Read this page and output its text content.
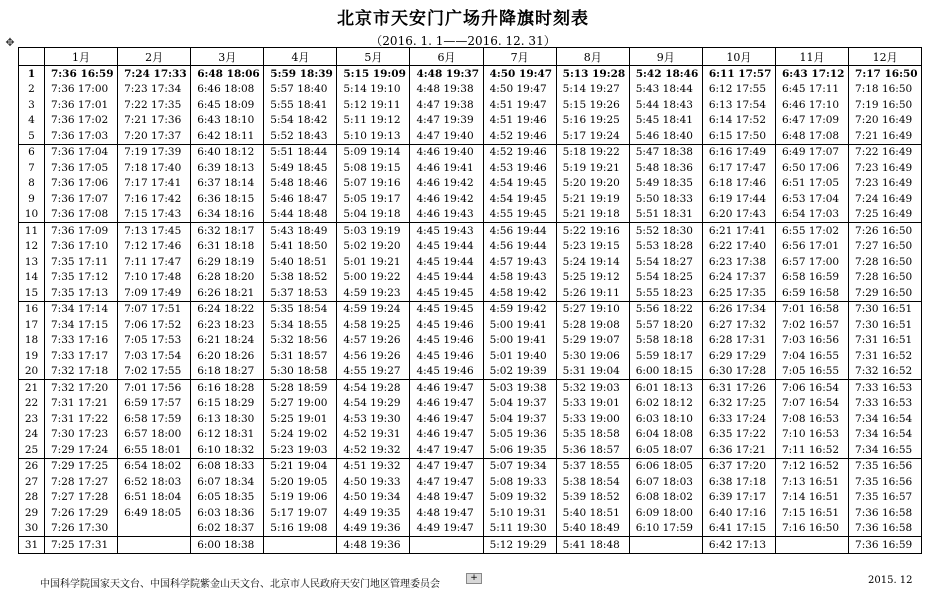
北京市天安门广场升降旗时刻表
（2016. 1. 1——2016. 12. 31）
✥
	1月	2月	3月	4月	5月	6月	7月	8月	9月	10月	11月	12月
1	7:36 16:59	7:24 17:33	6:48 18:06	5:59 18:39	5:15 19:09	4:48 19:37	4:50 19:47	5:13 19:28	5:42 18:46	6:11 17:57	6:43 17:12	7:17 16:50
2	7:36 17:00	7:23 17:34	6:46 18:08	5:57 18:40	5:14 19:10	4:48 19:38	4:50 19:47	5:14 19:27	5:43 18:44	6:12 17:55	6:45 17:11	7:18 16:50
3	7:36 17:01	7:22 17:35	6:45 18:09	5:55 18:41	5:12 19:11	4:47 19:38	4:51 19:47	5:15 19:26	5:44 18:43	6:13 17:54	6:46 17:10	7:19 16:50
4	7:36 17:02	7:21 17:36	6:43 18:10	5:54 18:42	5:11 19:12	4:47 19:39	4:51 19:46	5:16 19:25	5:45 18:41	6:14 17:52	6:47 17:09	7:20 16:49
5	7:36 17:03	7:20 17:37	6:42 18:11	5:52 18:43	5:10 19:13	4:47 19:40	4:52 19:46	5:17 19:24	5:46 18:40	6:15 17:50	6:48 17:08	7:21 16:49
6	7:36 17:04	7:19 17:39	6:40 18:12	5:51 18:44	5:09 19:14	4:46 19:40	4:52 19:46	5:18 19:22	5:47 18:38	6:16 17:49	6:49 17:07	7:22 16:49
7	7:36 17:05	7:18 17:40	6:39 18:13	5:49 18:45	5:08 19:15	4:46 19:41	4:53 19:46	5:19 19:21	5:48 18:36	6:17 17:47	6:50 17:06	7:23 16:49
8	7:36 17:06	7:17 17:41	6:37 18:14	5:48 18:46	5:07 19:16	4:46 19:42	4:54 19:45	5:20 19:20	5:49 18:35	6:18 17:46	6:51 17:05	7:23 16:49
9	7:36 17:07	7:16 17:42	6:36 18:15	5:46 18:47	5:05 19:17	4:46 19:42	4:54 19:45	5:21 19:19	5:50 18:33	6:19 17:44	6:53 17:04	7:24 16:49
10	7:36 17:08	7:15 17:43	6:34 18:16	5:44 18:48	5:04 19:18	4:46 19:43	4:55 19:45	5:21 19:18	5:51 18:31	6:20 17:43	6:54 17:03	7:25 16:49
11	7:36 17:09	7:13 17:45	6:32 18:17	5:43 18:49	5:03 19:19	4:45 19:43	4:56 19:44	5:22 19:16	5:52 18:30	6:21 17:41	6:55 17:02	7:26 16:50
12	7:36 17:10	7:12 17:46	6:31 18:18	5:41 18:50	5:02 19:20	4:45 19:44	4:56 19:44	5:23 19:15	5:53 18:28	6:22 17:40	6:56 17:01	7:27 16:50
13	7:35 17:11	7:11 17:47	6:29 18:19	5:40 18:51	5:01 19:21	4:45 19:44	4:57 19:43	5:24 19:14	5:54 18:27	6:23 17:38	6:57 17:00	7:28 16:50
14	7:35 17:12	7:10 17:48	6:28 18:20	5:38 18:52	5:00 19:22	4:45 19:44	4:58 19:43	5:25 19:12	5:54 18:25	6:24 17:37	6:58 16:59	7:28 16:50
15	7:35 17:13	7:09 17:49	6:26 18:21	5:37 18:53	4:59 19:23	4:45 19:45	4:58 19:42	5:26 19:11	5:55 18:23	6:25 17:35	6:59 16:58	7:29 16:50
16	7:34 17:14	7:07 17:51	6:24 18:22	5:35 18:54	4:59 19:24	4:45 19:45	4:59 19:42	5:27 19:10	5:56 18:22	6:26 17:34	7:01 16:58	7:30 16:51
17	7:34 17:15	7:06 17:52	6:23 18:23	5:34 18:55	4:58 19:25	4:45 19:46	5:00 19:41	5:28 19:08	5:57 18:20	6:27 17:32	7:02 16:57	7:30 16:51
18	7:33 17:16	7:05 17:53	6:21 18:24	5:32 18:56	4:57 19:26	4:45 19:46	5:00 19:41	5:29 19:07	5:58 18:18	6:28 17:31	7:03 16:56	7:31 16:51
19	7:33 17:17	7:03 17:54	6:20 18:26	5:31 18:57	4:56 19:26	4:45 19:46	5:01 19:40	5:30 19:06	5:59 18:17	6:29 17:29	7:04 16:55	7:31 16:52
20	7:32 17:18	7:02 17:55	6:18 18:27	5:30 18:58	4:55 19:27	4:45 19:46	5:02 19:39	5:31 19:04	6:00 18:15	6:30 17:28	7:05 16:55	7:32 16:52
21	7:32 17:20	7:01 17:56	6:16 18:28	5:28 18:59	4:54 19:28	4:46 19:47	5:03 19:38	5:32 19:03	6:01 18:13	6:31 17:26	7:06 16:54	7:33 16:53
22	7:31 17:21	6:59 17:57	6:15 18:29	5:27 19:00	4:54 19:29	4:46 19:47	5:04 19:37	5:33 19:01	6:02 18:12	6:32 17:25	7:07 16:54	7:33 16:53
23	7:31 17:22	6:58 17:59	6:13 18:30	5:25 19:01	4:53 19:30	4:46 19:47	5:04 19:37	5:33 19:00	6:03 18:10	6:33 17:24	7:08 16:53	7:34 16:54
24	7:30 17:23	6:57 18:00	6:12 18:31	5:24 19:02	4:52 19:31	4:46 19:47	5:05 19:36	5:35 18:58	6:04 18:08	6:35 17:22	7:10 16:53	7:34 16:54
25	7:29 17:24	6:55 18:01	6:10 18:32	5:23 19:03	4:52 19:32	4:47 19:47	5:06 19:35	5:36 18:57	6:05 18:07	6:36 17:21	7:11 16:52	7:34 16:55
26	7:29 17:25	6:54 18:02	6:08 18:33	5:21 19:04	4:51 19:32	4:47 19:47	5:07 19:34	5:37 18:55	6:06 18:05	6:37 17:20	7:12 16:52	7:35 16:56
27	7:28 17:27	6:52 18:03	6:07 18:34	5:20 19:05	4:50 19:33	4:47 19:47	5:08 19:33	5:38 18:54	6:07 18:03	6:38 17:18	7:13 16:51	7:35 16:56
28	7:27 17:28	6:51 18:04	6:05 18:35	5:19 19:06	4:50 19:34	4:48 19:47	5:09 19:32	5:39 18:52	6:08 18:02	6:39 17:17	7:14 16:51	7:35 16:57
29	7:26 17:29	6:49 18:05	6:03 18:36	5:17 19:07	4:49 19:35	4:48 19:47	5:10 19:31	5:40 18:51	6:09 18:00	6:40 17:16	7:15 16:51	7:36 16:58
30	7:26 17:30		6:02 18:37	5:16 19:08	4:49 19:36	4:49 19:47	5:11 19:30	5:40 18:49	6:10 17:59	6:41 17:15	7:16 16:50	7:36 16:58
31	7:25 17:31		6:00 18:38		4:48 19:36		5:12 19:29	5:41 18:48		6:42 17:13		7:36 16:59
+
中国科学院国家天文台、中国科学院紫金山天文台、北京市人民政府天安门地区管理委员会	2015. 12
